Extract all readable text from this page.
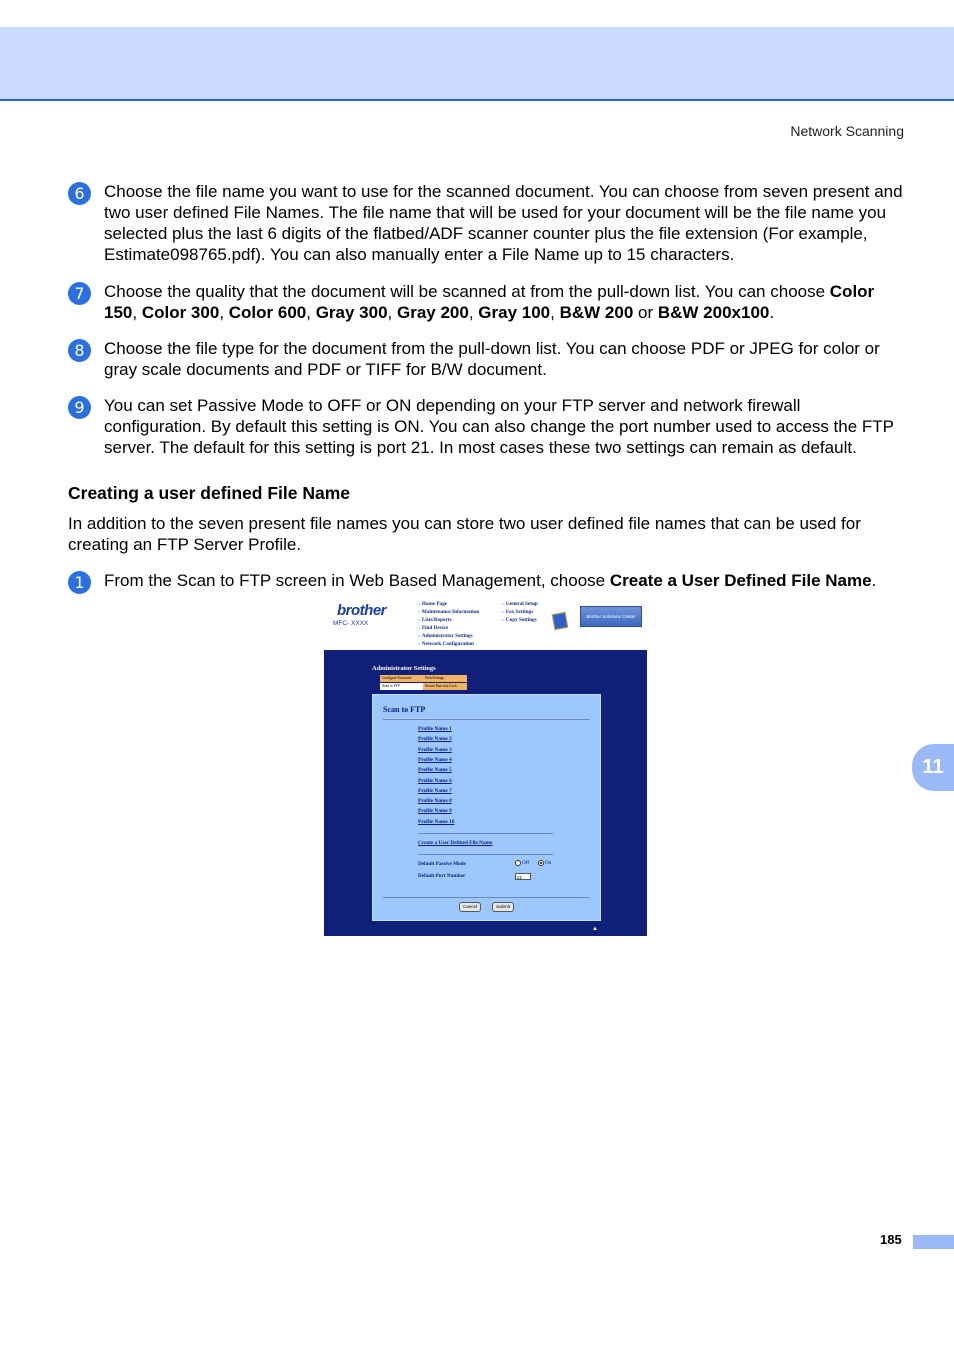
Network Scanning
6	Choose the file name you want to use for the scanned document. You can choose from seven present and two user defined File Names. The file name that will be used for your document will be the file name you selected plus the last 6 digits of the flatbed/ADF scanner counter plus the file extension (For example, Estimate098765.pdf). You can also manually enter a File Name up to 15 characters.
7	Choose the quality that the document will be scanned at from the pull-down list. You can choose Color 150, Color 300, Color 600, Gray 300, Gray 200, Gray 100, B&W 200 or B&W 200x100.
8	Choose the file type for the document from the pull-down list. You can choose PDF or JPEG for color or gray scale documents and PDF or TIFF for B/W document.
9	You can set Passive Mode to OFF or ON depending on your FTP server and network firewall configuration. By default this setting is ON. You can also change the port number used to access the FTP server. The default for this setting is port 21. In most cases these two settings can remain as default.
Creating a user defined File Name
In addition to the seven present file names you can store two user defined file names that can be used for creating an FTP Server Profile.
1	From the Scan to FTP screen in Web Based Management, choose Create a User Defined File Name.
brother
MFC- XXXX
» Home Page
» Maintenance Information
» Lists/Reports
» Find Device
» Administrator Settings
» Network Configuration
» General Setup
» Fax Settings
» Copy Settings
Brother Solutions Center
Administrator Settings
Configure Password	Web Settings
Scan to FTP	Secure Function Lock
Scan to FTP
Profile Name 1
Profile Name 2
Profile Name 3
Profile Name 4
Profile Name 5
Profile Name 6
Profile Name 7
Profile Name 8
Profile Name 9
Profile Name 10
Create a User Defined File Name
Default Passive Mode	Off	On
Default Port Number	21
Cancel	Submit
▲
11
185
